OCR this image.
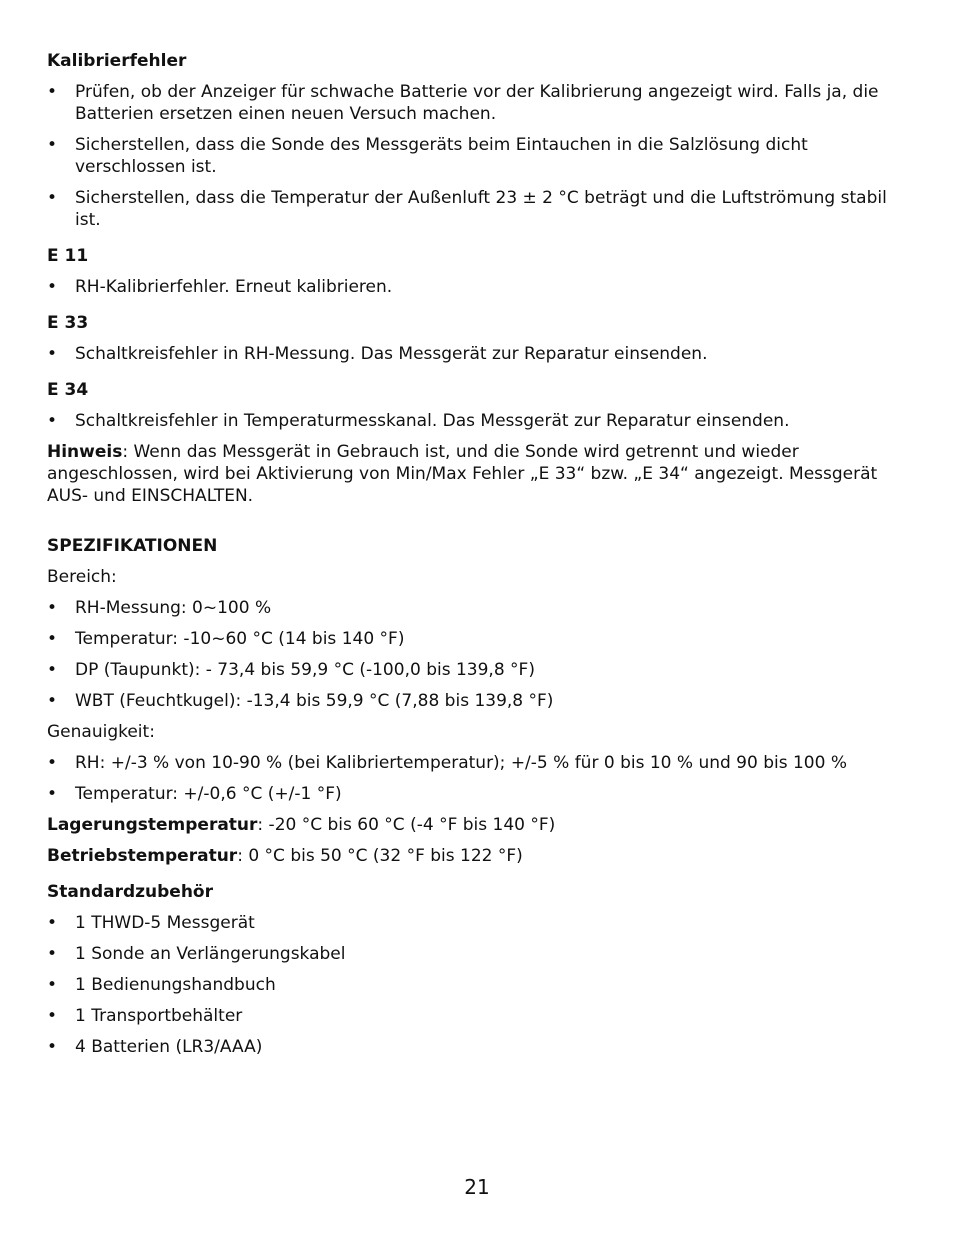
Kalibrierfehler
• Prüfen, ob der Anzeiger für schwache Batterie vor der Kalibrierung angezeigt wird. Falls ja, die Batterien ersetzen einen neuen Versuch machen.
• Sicherstellen, dass die Sonde des Messgeräts beim Eintauchen in die Salzlösung dicht verschlossen ist.
• Sicherstellen, dass die Temperatur der Außenluft 23 ± 2 °C beträgt und die Luftströmung stabil ist.
E 11
• RH-Kalibrierfehler. Erneut kalibrieren.
E 33
• Schaltkreisfehler in RH-Messung. Das Messgerät zur Reparatur einsenden.
E 34
• Schaltkreisfehler in Temperaturmesskanal. Das Messgerät zur Reparatur einsenden.
Hinweis: Wenn das Messgerät in Gebrauch ist, und die Sonde wird getrennt und wieder angeschlossen, wird bei Aktivierung von Min/Max Fehler „E 33“ bzw. „E 34“ angezeigt. Messgerät AUS- und EINSCHALTEN.
SPEZIFIKATIONEN
Bereich:
• RH-Messung: 0~100 %
• Temperatur: -10~60 °C (14 bis 140 °F)
• DP (Taupunkt): - 73,4 bis 59,9 °C (-100,0 bis 139,8 °F)
• WBT (Feuchtkugel): -13,4 bis 59,9 °C (7,88 bis 139,8 °F)
Genauigkeit:
• RH: +/-3 % von 10-90 % (bei Kalibriertemperatur); +/-5 % für 0 bis 10 % und 90 bis 100 %
• Temperatur: +/-0,6 °C (+/-1 °F)
Lagerungstemperatur: -20 °C bis 60 °C (-4 °F bis 140 °F)
Betriebstemperatur: 0 °C bis 50 °C (32 °F bis 122 °F)
Standardzubehör
• 1 THWD-5 Messgerät
• 1 Sonde an Verlängerungskabel
• 1 Bedienungshandbuch
• 1 Transportbehälter
• 4 Batterien (LR3/AAA)
21
